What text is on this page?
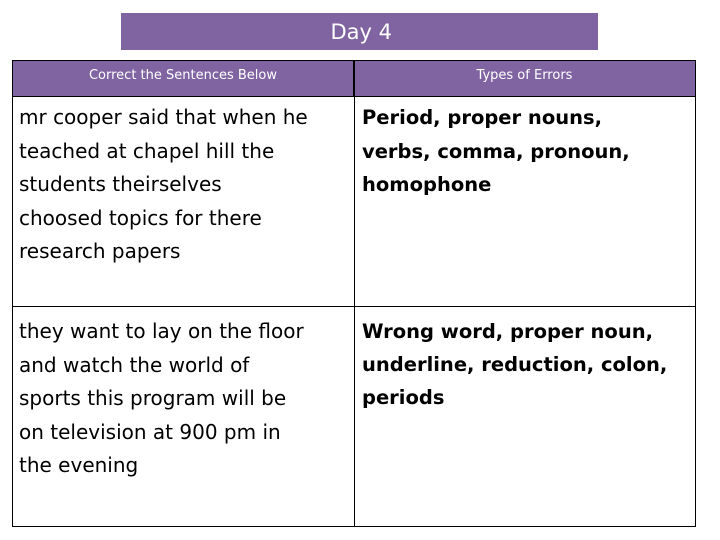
Day 4
Correct the Sentences Below	Types of Errors
mr cooper said that when he
teached at chapel hill the
students theirselves
choosed topics for there
research papers
Period, proper nouns,
verbs, comma, pronoun,
homophone
they want to lay on the floor
and watch the world of
sports this program will be
on television at 900 pm in
the evening
Wrong word, proper noun,
underline, reduction, colon,
periods
